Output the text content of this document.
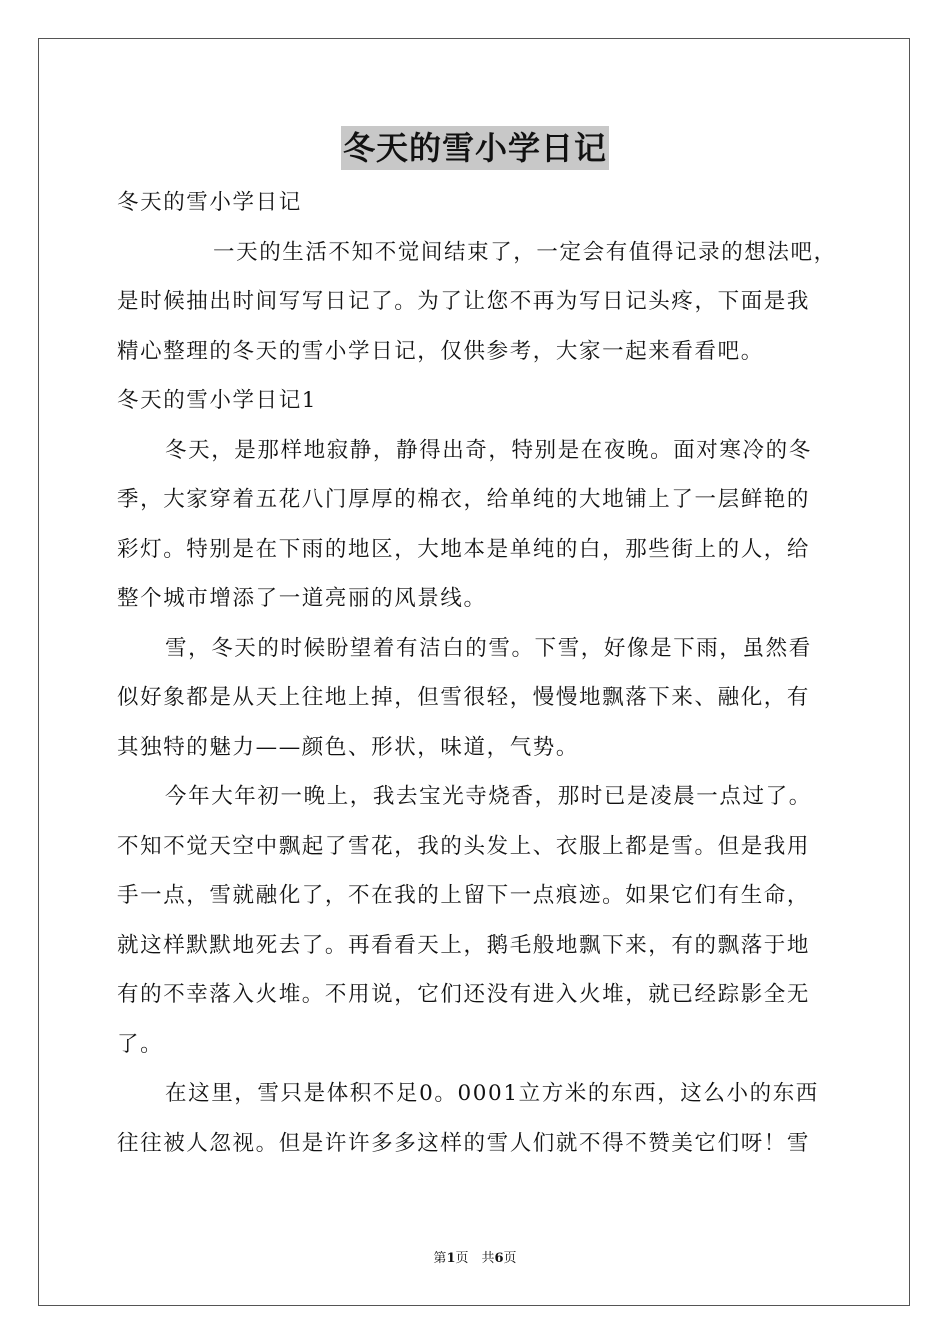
冬天的雪小学日记
冬天的雪小学日记
一天的生活不知不觉间结束了，一定会有值得记录的想法吧，
是时候抽出时间写写日记了。为了让您不再为写日记头疼，下面是我
精心整理的冬天的雪小学日记，仅供参考，大家一起来看看吧。
冬天的雪小学日记1
冬天，是那样地寂静，静得出奇，特别是在夜晚。面对寒冷的冬
季，大家穿着五花八门厚厚的棉衣，给单纯的大地铺上了一层鲜艳的
彩灯。特别是在下雨的地区，大地本是单纯的白，那些街上的人，给
整个城市增添了一道亮丽的风景线。
雪，冬天的时候盼望着有洁白的雪。下雪，好像是下雨，虽然看
似好象都是从天上往地上掉，但雪很轻，慢慢地飘落下来、融化，有
其独特的魅力——颜色、形状，味道，气势。
今年大年初一晚上，我去宝光寺烧香，那时已是凌晨一点过了。
不知不觉天空中飘起了雪花，我的头发上、衣服上都是雪。但是我用
手一点，雪就融化了，不在我的上留下一点痕迹。如果它们有生命，
就这样默默地死去了。再看看天上，鹅毛般地飘下来，有的飘落于地
有的不幸落入火堆。不用说，它们还没有进入火堆，就已经踪影全无
了。
在这里，雪只是体积不足0。0001立方米的东西，这么小的东西
往往被人忽视。但是许许多多这样的雪人们就不得不赞美它们呀！雪
第1页　共6页
